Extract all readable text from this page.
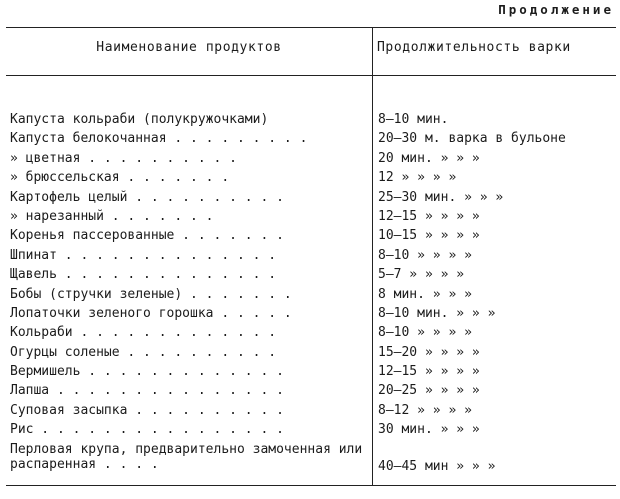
Продолжение
Наименование продуктов	Продолжительность варки
Капуста кольраби (полукружочками)	8—10 мин.
Капуста белокочанная . . . . . . . . .	20—30 м. варка в бульоне
» цветная . . . . . . . . . .	20 мин. » » »
» брюссельская . . . . . . .	12 » » » »
Картофель целый . . . . . . . . . .	25—30 мин. » » »
» нарезанный . . . . . . .	12—15 » » » »
Коренья пассерованные . . . . . . .	10—15 » » » »
Шпинат . . . . . . . . . . . . . .	8—10 » » » »
Щавель . . . . . . . . . . . . . .	5—7 » » » »
Бобы (стручки зеленые) . . . . . . .	8 мин. » » »
Лопаточки зеленого горошка . . . . .	8—10 мин. » » »
Кольраби . . . . . . . . . . . . .	8—10 » » » »
Огурцы соленые . . . . . . . . . .	15—20 » » » »
Вермишель . . . . . . . . . . . . .	12—15 » » » »
Лапша . . . . . . . . . . . . . . .	20—25 » » » »
Суповая засыпка . . . . . . . . . .	8—12 » » » »
Рис . . . . . . . . . . . . . . . .	30 мин. » » »
Перловая крупа, предварительно замоченная или распаренная . . . .	40—45 мин » » »
